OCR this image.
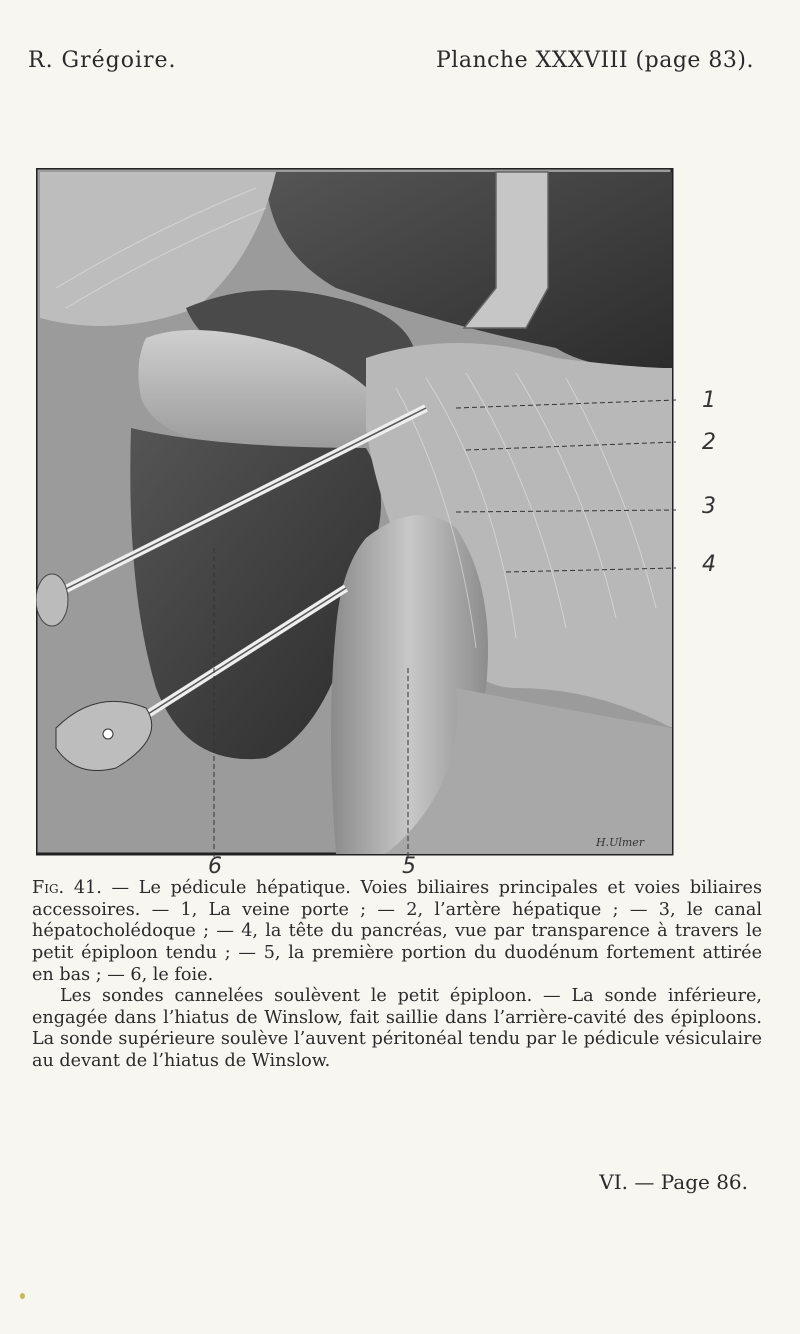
R. Grégoire.	Planche XXXVIII (page 83).
H.Ulmer
1
2
3
4
6	5

Fig. 41. — Le pédicule hépatique. Voies biliaires principales et voies biliaires accessoires. — 1, La veine porte ; — 2, l’artère hépatique ; — 3, le canal hépatocholédoque ; — 4, la tête du pancréas, vue par transparence à travers le petit épiploon tendu ; — 5, la première portion du duodénum fortement attirée en bas ; — 6, le foie.

Les sondes cannelées soulèvent le petit épiploon. — La sonde inférieure, engagée dans l’hiatus de Winslow, fait saillie dans l’arrière-cavité des épiploons. La sonde supérieure soulève l’auvent péritonéal tendu par le pédicule vésiculaire au devant de l’hiatus de Winslow.

VI. — Page 86.
